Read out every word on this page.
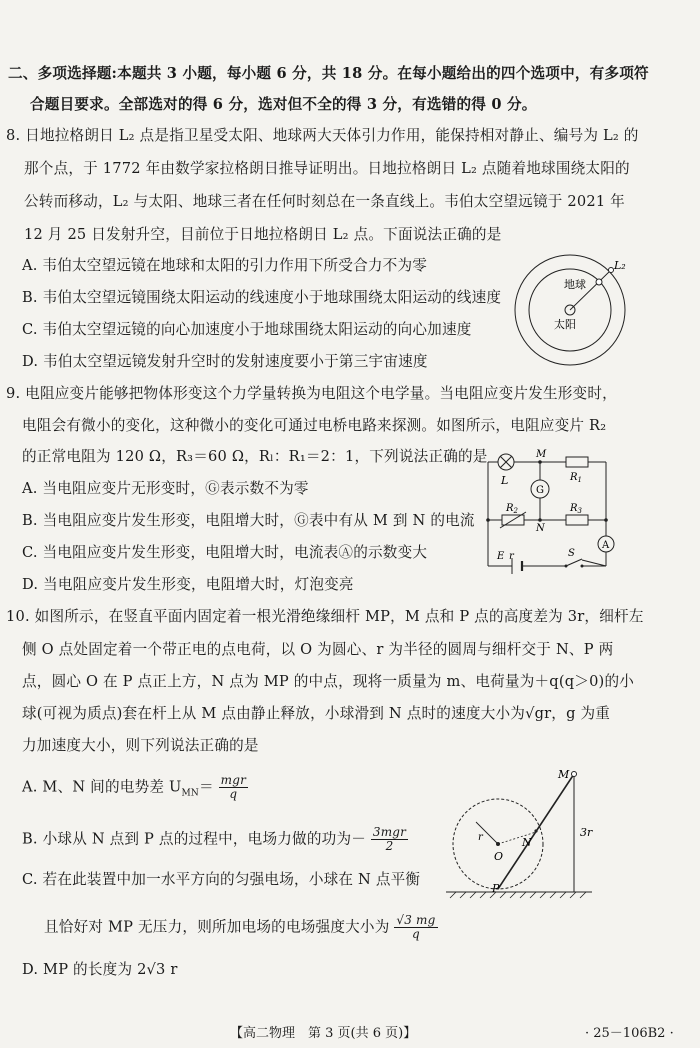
二、多项选择题:本题共 3 小题，每小题 6 分，共 18 分。在每小题给出的四个选项中，有多项符
合题目要求。全部选对的得 6 分，选对但不全的得 3 分，有选错的得 0 分。
8. 日地拉格朗日 L₂ 点是指卫星受太阳、地球两大天体引力作用，能保持相对静止、编号为 L₂ 的
那个点，于 1772 年由数学家拉格朗日推导证明出。日地拉格朗日 L₂ 点随着地球围绕太阳的
公转而移动，L₂ 与太阳、地球三者在任何时刻总在一条直线上。韦伯太空望远镜于 2021 年
12 月 25 日发射升空，目前位于日地拉格朗日 L₂ 点。下面说法正确的是
A. 韦伯太空望远镜在地球和太阳的引力作用下所受合力不为零
B. 韦伯太空望远镜围绕太阳运动的线速度小于地球围绕太阳运动的线速度
C. 韦伯太空望远镜的向心加速度小于地球围绕太阳运动的向心加速度
D. 韦伯太空望远镜发射升空时的发射速度要小于第三宇宙速度
地球
太阳
L₂
9. 电阻应变片能够把物体形变这个力学量转换为电阻这个电学量。当电阻应变片发生形变时，
电阻会有微小的变化，这种微小的变化可通过电桥电路来探测。如图所示，电阻应变片 R₂
的正常电阻为 120 Ω，R₃＝60 Ω，Rₗ：R₁＝2：1，下列说法正确的是
A. 当电阻应变片无形变时，Ⓖ表示数不为零
B. 当电阻应变片发生形变，电阻增大时，Ⓖ表中有从 M 到 N 的电流
C. 当电阻应变片发生形变，电阻增大时，电流表Ⓐ的示数变大
D. 当电阻应变片发生形变，电阻增大时，灯泡变亮
L
M
N
G
A
$R_1$
$R_2$	$R_3$
E r	S
10. 如图所示，在竖直平面内固定着一根光滑绝缘细杆 MP，M 点和 P 点的高度差为 3r，细杆左
侧 O 点处固定着一个带正电的点电荷，以 O 为圆心、r 为半径的圆周与细杆交于 N、P 两
点，圆心 O 在 P 点正上方，N 点为 MP 的中点，现将一质量为 m、电荷量为＋q(q＞0)的小
球(可视为质点)套在杆上从 M 点由静止释放，小球滑到 N 点时的速度大小为√gr，g 为重
力加速度大小，则下列说法正确的是
A. M、N 间的电势差 $U_{MN}= \frac{\text{mgr}}{q}$
B. 小球从 N 点到 P 点的过程中，电场力做的功为－ $\frac{\text{3mgr}}{2}$
C. 若在此装置中加一水平方向的匀强电场，小球在 N 点平衡
且恰好对 MP 无压力，则所加电场的电场强度大小为 $\frac{√3 mg}{q}$
D. MP 的长度为 2√3 r
M
N
O
P
r	3r
【高二物理　第 3 页(共 6 页)】	· 25－106B2 ·
